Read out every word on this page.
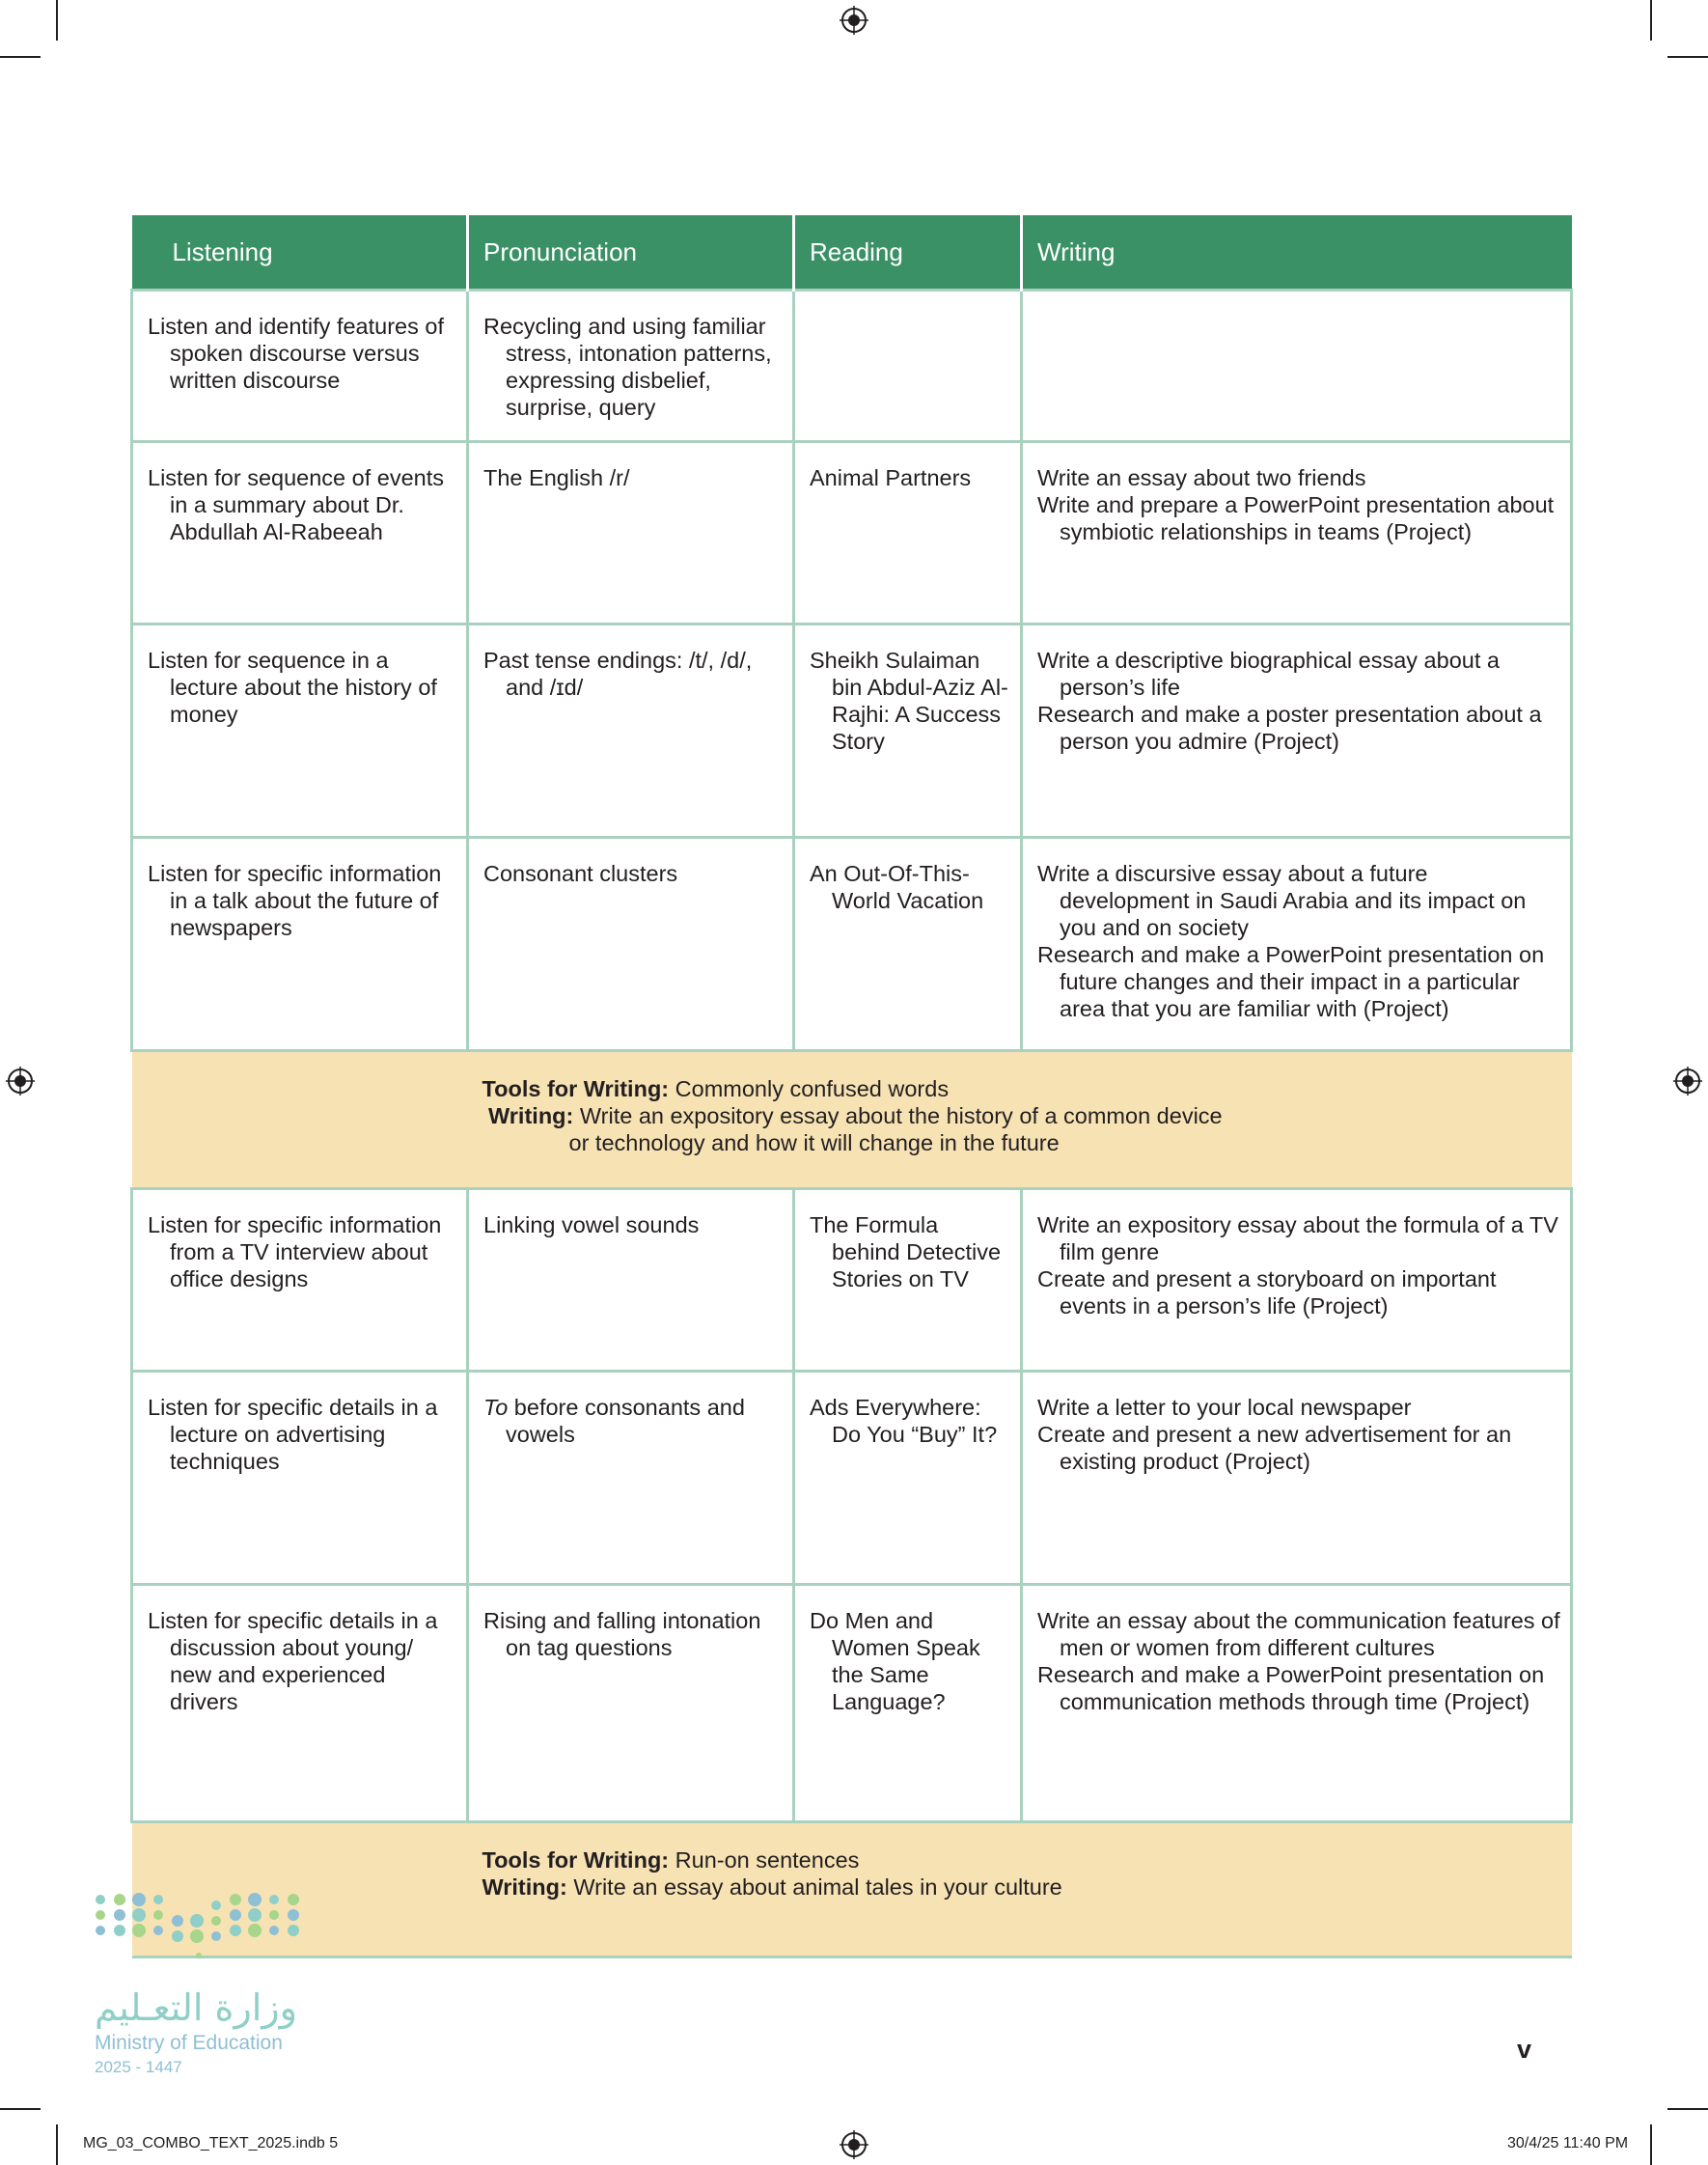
Listening	Pronunciation	Reading	Writing

Listen and identify features of spoken discourse versus written discourse	Recycling and using familiar stress, intonation patterns, expressing disbelief, surprise, query		

Listen for sequence of events in a summary about Dr. Abdullah Al-Rabeeah	The English /r/	Animal Partners	Write an essay about two friends
Write and prepare a PowerPoint presentation about symbiotic relationships in teams (Project)

Listen for sequence in a lecture about the history of money	Past tense endings: /t/, /d/, and /ɪd/	Sheikh Sulaiman bin Abdul-Aziz Al-Rajhi: A Success Story	Write a descriptive biographical essay about a person’s life
Research and make a poster presentation about a person you admire (Project)

Listen for specific information in a talk about the future of newspapers	Consonant clusters	An Out-Of-This-World Vacation	Write a discursive essay about a future development in Saudi Arabia and its impact on you and on society
Research and make a PowerPoint presentation on future changes and their impact in a particular area that you are familiar with (Project)

Tools for Writing: Commonly confused words
Writing: Write an expository essay about the history of a common device
or technology and how it will change in the future			

Listen for specific information from a TV interview about office designs	Linking vowel sounds	The Formula behind Detective Stories on TV	Write an expository essay about the formula of a TV film genre
Create and present a storyboard on important events in a person’s life (Project)

Listen for specific details in a lecture on advertising techniques	To before consonants and vowels	Ads Everywhere: Do You “Buy” It?	Write a letter to your local newspaper
Create and present a new advertisement for an existing product (Project)

Listen for specific details in a discussion about young/ new and experienced drivers	Rising and falling intonation on tag questions	Do Men and Women Speak the Same Language?	Write an essay about the communication features of men or women from different cultures
Research and make a PowerPoint presentation on communication methods through time (Project)

Tools for Writing: Run-on sentences
Writing: Write an essay about animal tales in your culture			
وزارة التعـليم
Ministry of Education
2025 - 1447
v
MG_03_COMBO_TEXT_2025.indb 5	30/4/25 11:40 PM
